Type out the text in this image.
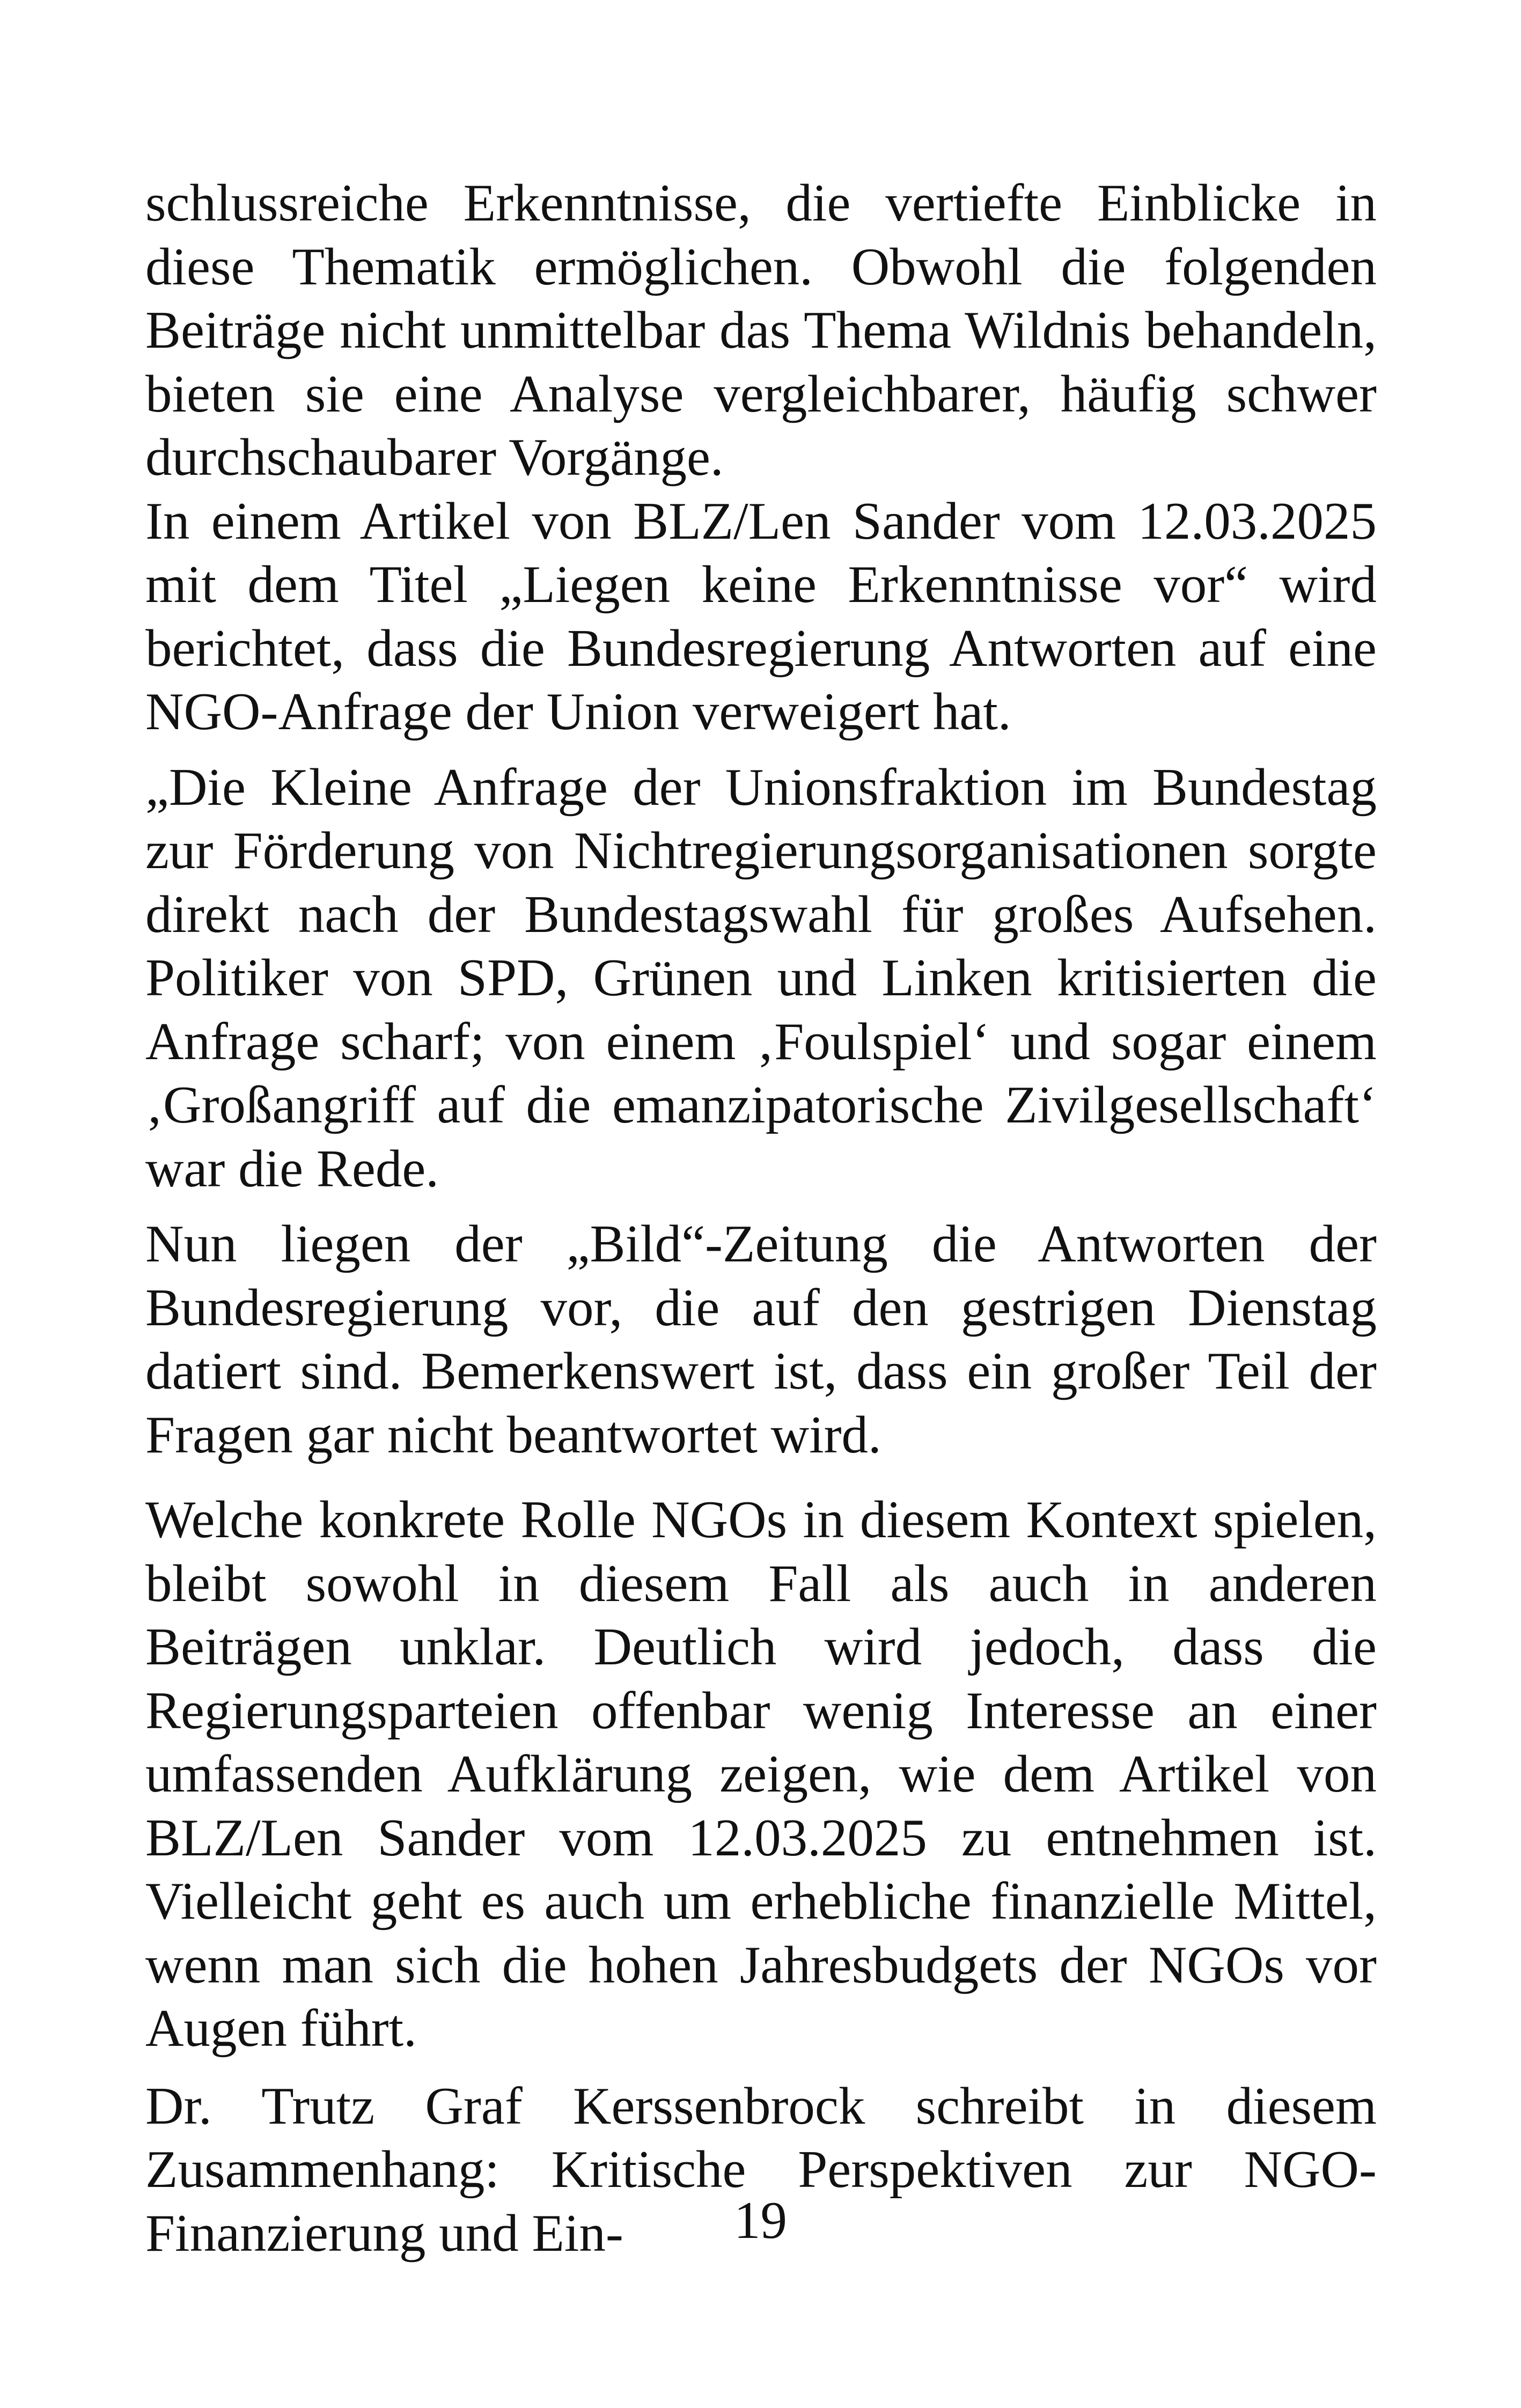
schlussreiche Erkenntnisse, die vertiefte Einblicke in diese Thematik ermöglichen. Obwohl die folgenden Beiträge nicht unmittelbar das Thema Wildnis behandeln, bieten sie eine Analyse vergleichbarer, häufig schwer durchschaubarer Vorgänge.

In einem Artikel von BLZ/Len Sander vom 12.03.2025 mit dem Titel „Liegen keine Erkenntnisse vor“ wird berichtet, dass die Bundesregierung Antworten auf eine NGO-Anfrage der Union verweigert hat.

„Die Kleine Anfrage der Unionsfraktion im Bundestag zur Förderung von Nichtregierungsorganisationen sorgte direkt nach der Bundestagswahl für großes Aufsehen. Politiker von SPD, Grünen und Linken kritisierten die Anfrage scharf; von einem ‚Foulspiel‘ und sogar einem ‚Großangriff auf die emanzipatorische Zivilgesellschaft‘ war die Rede.

Nun liegen der „Bild“-Zeitung die Antworten der Bundesregierung vor, die auf den gestrigen Dienstag datiert sind. Bemerkenswert ist, dass ein großer Teil der Fragen gar nicht beantwortet wird.

Welche konkrete Rolle NGOs in diesem Kontext spielen, bleibt sowohl in diesem Fall als auch in anderen Beiträgen unklar. Deutlich wird jedoch, dass die Regierungsparteien offenbar wenig Interesse an einer umfassenden Aufklärung zeigen, wie dem Artikel von BLZ/Len Sander vom 12.03.2025 zu entnehmen ist. Vielleicht geht es auch um erhebliche finanzielle Mittel, wenn man sich die hohen Jahresbudgets der NGOs vor Augen führt.

Dr. Trutz Graf Kerssenbrock schreibt in diesem Zusammenhang: Kritische Perspektiven zur NGO-Finanzierung und Ein-	19
